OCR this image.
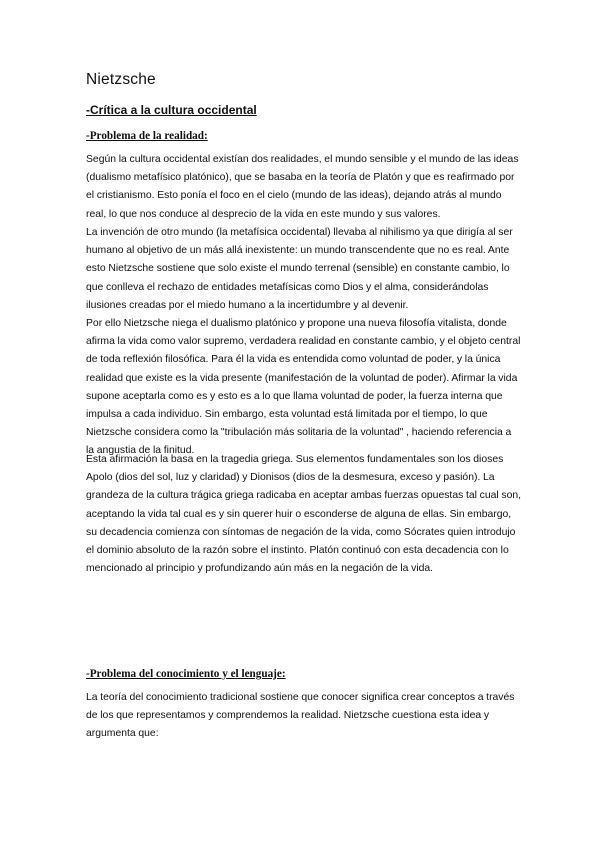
Nietzsche
-Crítica a la cultura occidental
-Problema de la realidad:

Según la cultura occidental existían dos realidades, el mundo sensible y el mundo de las ideas (dualismo metafísico platónico), que se basaba en la teoría de Platón y que es reafirmado por el cristianismo. Esto ponía el foco en el cielo (mundo de las ideas), dejando atrás al mundo real, lo que nos conduce al desprecio de la vida en este mundo y sus valores.

La invención de otro mundo (la metafísica occidental) llevaba al nihilismo ya que dirigía al ser humano al objetivo de un más allá inexistente: un mundo transcendente que no es real. Ante esto Nietzsche sostiene que solo existe el mundo terrenal (sensible) en constante cambio, lo que conlleva el rechazo de entidades metafísicas como Dios y el alma, considerándolas ilusiones creadas por el miedo humano a la incertidumbre y al devenir.

Por ello Nietzsche niega el dualismo platónico y propone una nueva filosofía vitalista, donde afirma la vida como valor supremo, verdadera realidad en constante cambio, y el objeto central de toda reflexión filosófica. Para él la vida es entendida como voluntad de poder, y la única realidad que existe es la vida presente (manifestación de la voluntad de poder). Afirmar la vida supone aceptarla como es y esto es a lo que llama voluntad de poder, la fuerza interna que impulsa a cada individuo. Sin embargo, esta voluntad está limitada por el tiempo, lo que Nietzsche considera como la "tribulación más solitaria de la voluntad" , haciendo referencia a la angustia de la finitud.

Esta afirmación la basa en la tragedia griega. Sus elementos fundamentales son los dioses Apolo (dios del sol, luz y claridad) y Dionisos (dios de la desmesura, exceso y pasión). La grandeza de la cultura trágica griega radicaba en aceptar ambas fuerzas opuestas tal cual son, aceptando la vida tal cual es y sin querer huir o esconderse de alguna de ellas. Sin embargo, su decadencia comienza con síntomas de negación de la vida, como Sócrates quien introdujo el dominio absoluto de la razón sobre el instinto. Platón continuó con esta decadencia con lo mencionado al principio y profundizando aún más en la negación de la vida.

-Problema del conocimiento y el lenguaje:

La teoría del conocimiento tradicional sostiene que conocer significa crear conceptos a través de los que representamos y comprendemos la realidad. Nietzsche cuestiona esta idea y argumenta que:
